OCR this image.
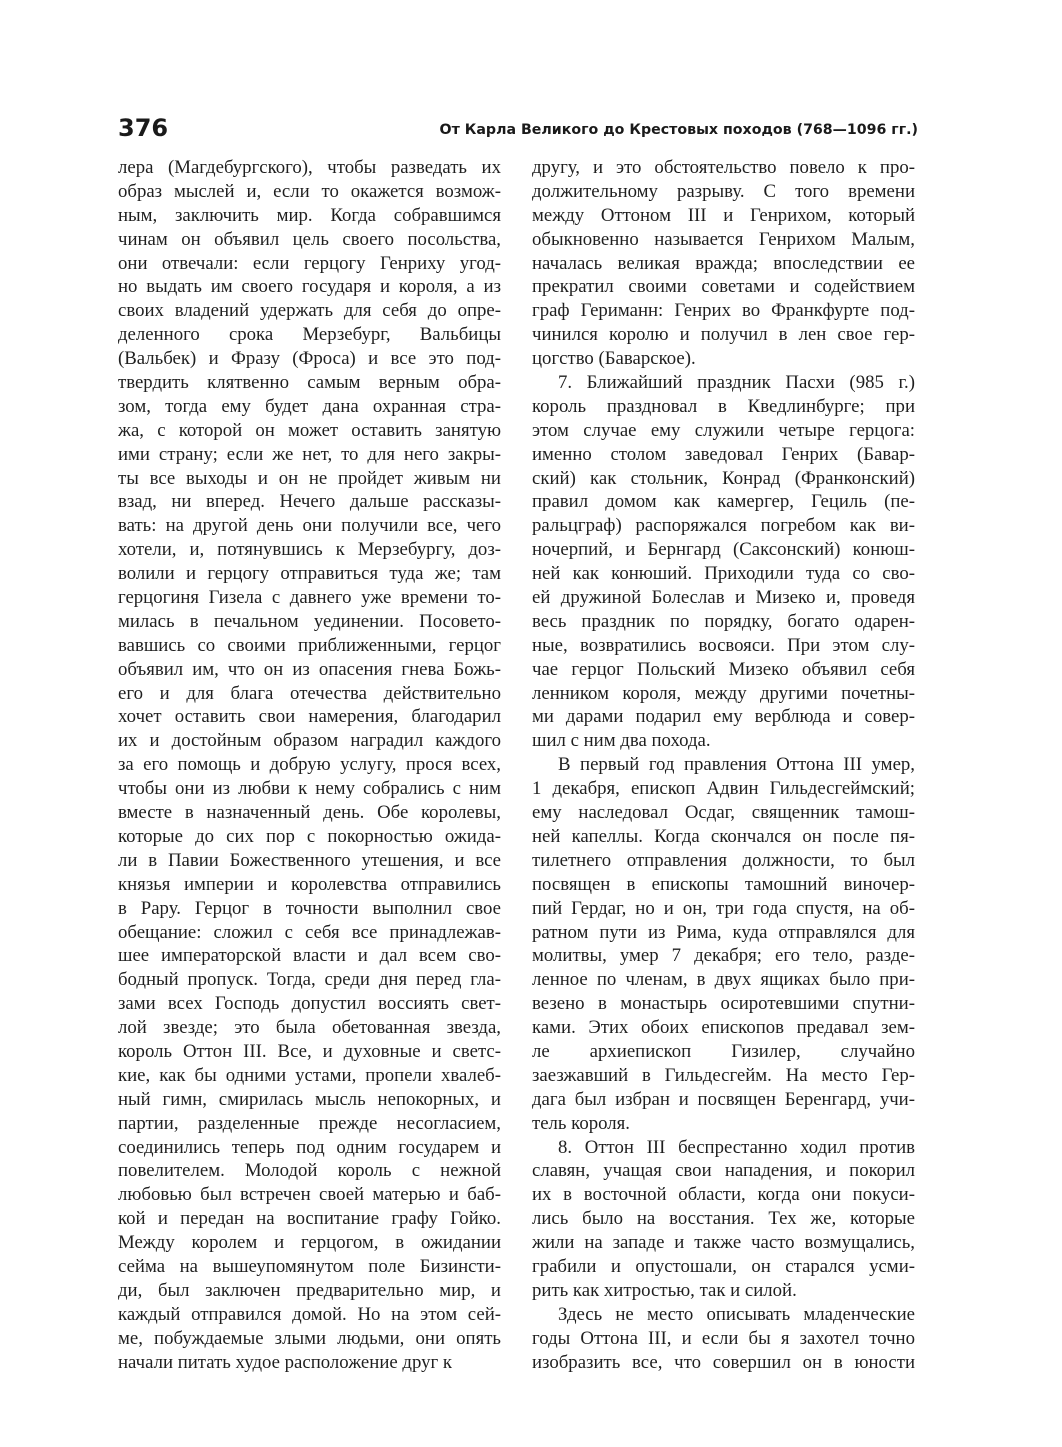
376	От Карла Великого до Крестовых походов (768—1096 гг.)
лера (Магдебургского), чтобы разведать их
образ мыслей и, если то окажется возмож-
ным, заключить мир. Когда собравшимся
чинам он объявил цель своего посольства,
они отвечали: если герцогу Генриху угод-
но выдать им своего государя и короля, а из
своих владений удержать для себя до опре-
деленного срока Мерзебург, Вальбицы
(Вальбек) и Фразу (Фроса) и все это под-
твердить клятвенно самым верным обра-
зом, тогда ему будет дана охранная стра-
жа, с которой он может оставить занятую
ими страну; если же нет, то для него закры-
ты все выходы и он не пройдет живым ни
взад, ни вперед. Нечего дальше рассказы-
вать: на другой день они получили все, чего
хотели, и, потянувшись к Мерзебургу, доз-
волили и герцогу отправиться туда же; там
герцогиня Гизела с давнего уже времени то-
милась в печальном уединении. Посовето-
вавшись со своими приближенными, герцог
объявил им, что он из опасения гнева Божь-
его и для блага отечества действительно
хочет оставить свои намерения, благодарил
их и достойным образом наградил каждого
за его помощь и добрую услугу, прося всех,
чтобы они из любви к нему собрались с ним
вместе в назначенный день. Обе королевы,
которые до сих пор с покорностью ожида-
ли в Павии Божественного утешения, и все
князья империи и королевства отправились
в Рару. Герцог в точности выполнил свое
обещание: сложил с себя все принадлежав-
шее императорской власти и дал всем сво-
бодный пропуск. Тогда, среди дня перед гла-
зами всех Господь допустил воссиять свет-
лой звезде; это была обетованная звезда,
король Оттон III. Все, и духовные и светс-
кие, как бы одними устами, пропели хвалеб-
ный гимн, смирилась мысль непокорных, и
партии, разделенные прежде несогласием,
соединились теперь под одним государем и
повелителем. Молодой король с нежной
любовью был встречен своей матерью и баб-
кой и передан на воспитание графу Гойко.
Между королем и герцогом, в ожидании
сейма на вышеупомянутом поле Бизинсти-
ди, был заключен предварительно мир, и
каждый отправился домой. Но на этом сей-
ме, побуждаемые злыми людьми, они опять
начали питать худое расположение друг к
другу, и это обстоятельство повело к про-
должительному разрыву. С того времени
между Оттоном III и Генрихом, который
обыкновенно называется Генрихом Малым,
началась великая вражда; впоследствии ее
прекратил своими советами и содействием
граф Гериманн: Генрих во Франкфурте под-
чинился королю и получил в лен свое гер-
цогство (Баварское).
7. Ближайший праздник Пасхи (985 г.)
король праздновал в Кведлинбурге; при
этом случае ему служили четыре герцога:
именно столом заведовал Генрих (Бавар-
ский) как стольник, Конрад (Франконский)
правил домом как камергер, Гециль (пе-
ральцграф) распоряжался погребом как ви-
ночерпий, и Бернгард (Саксонский) конюш-
ней как конюший. Приходили туда со сво-
ей дружиной Болеслав и Мизеко и, проведя
весь праздник по порядку, богато одарен-
ные, возвратились восвояси. При этом слу-
чае герцог Польский Мизеко объявил себя
ленником короля, между другими почетны-
ми дарами подарил ему верблюда и совер-
шил с ним два похода.
В первый год правления Оттона III умер,
1 декабря, епископ Адвин Гильдесгеймский;
ему наследовал Осдаг, священник тамош-
ней капеллы. Когда скончался он после пя-
тилетнего отправления должности, то был
посвящен в епископы тамошний виночер-
пий Гердаг, но и он, три года спустя, на об-
ратном пути из Рима, куда отправлялся для
молитвы, умер 7 декабря; его тело, разде-
ленное по членам, в двух ящиках было при-
везено в монастырь осиротевшими спутни-
ками. Этих обоих епископов предавал зем-
ле архиепископ Гизилер, случайно
заезжавший в Гильдесгейм. На место Гер-
дага был избран и посвящен Беренгард, учи-
тель короля.
8. Оттон III беспрестанно ходил против
славян, учащая свои нападения, и покорил
их в восточной области, когда они покуси-
лись было на восстания. Тех же, которые
жили на западе и также часто возмущались,
грабили и опустошали, он старался усми-
рить как хитростью, так и силой.
Здесь не место описывать младенческие
годы Оттона III, и если бы я захотел точно
изобразить все, что совершил он в юности
